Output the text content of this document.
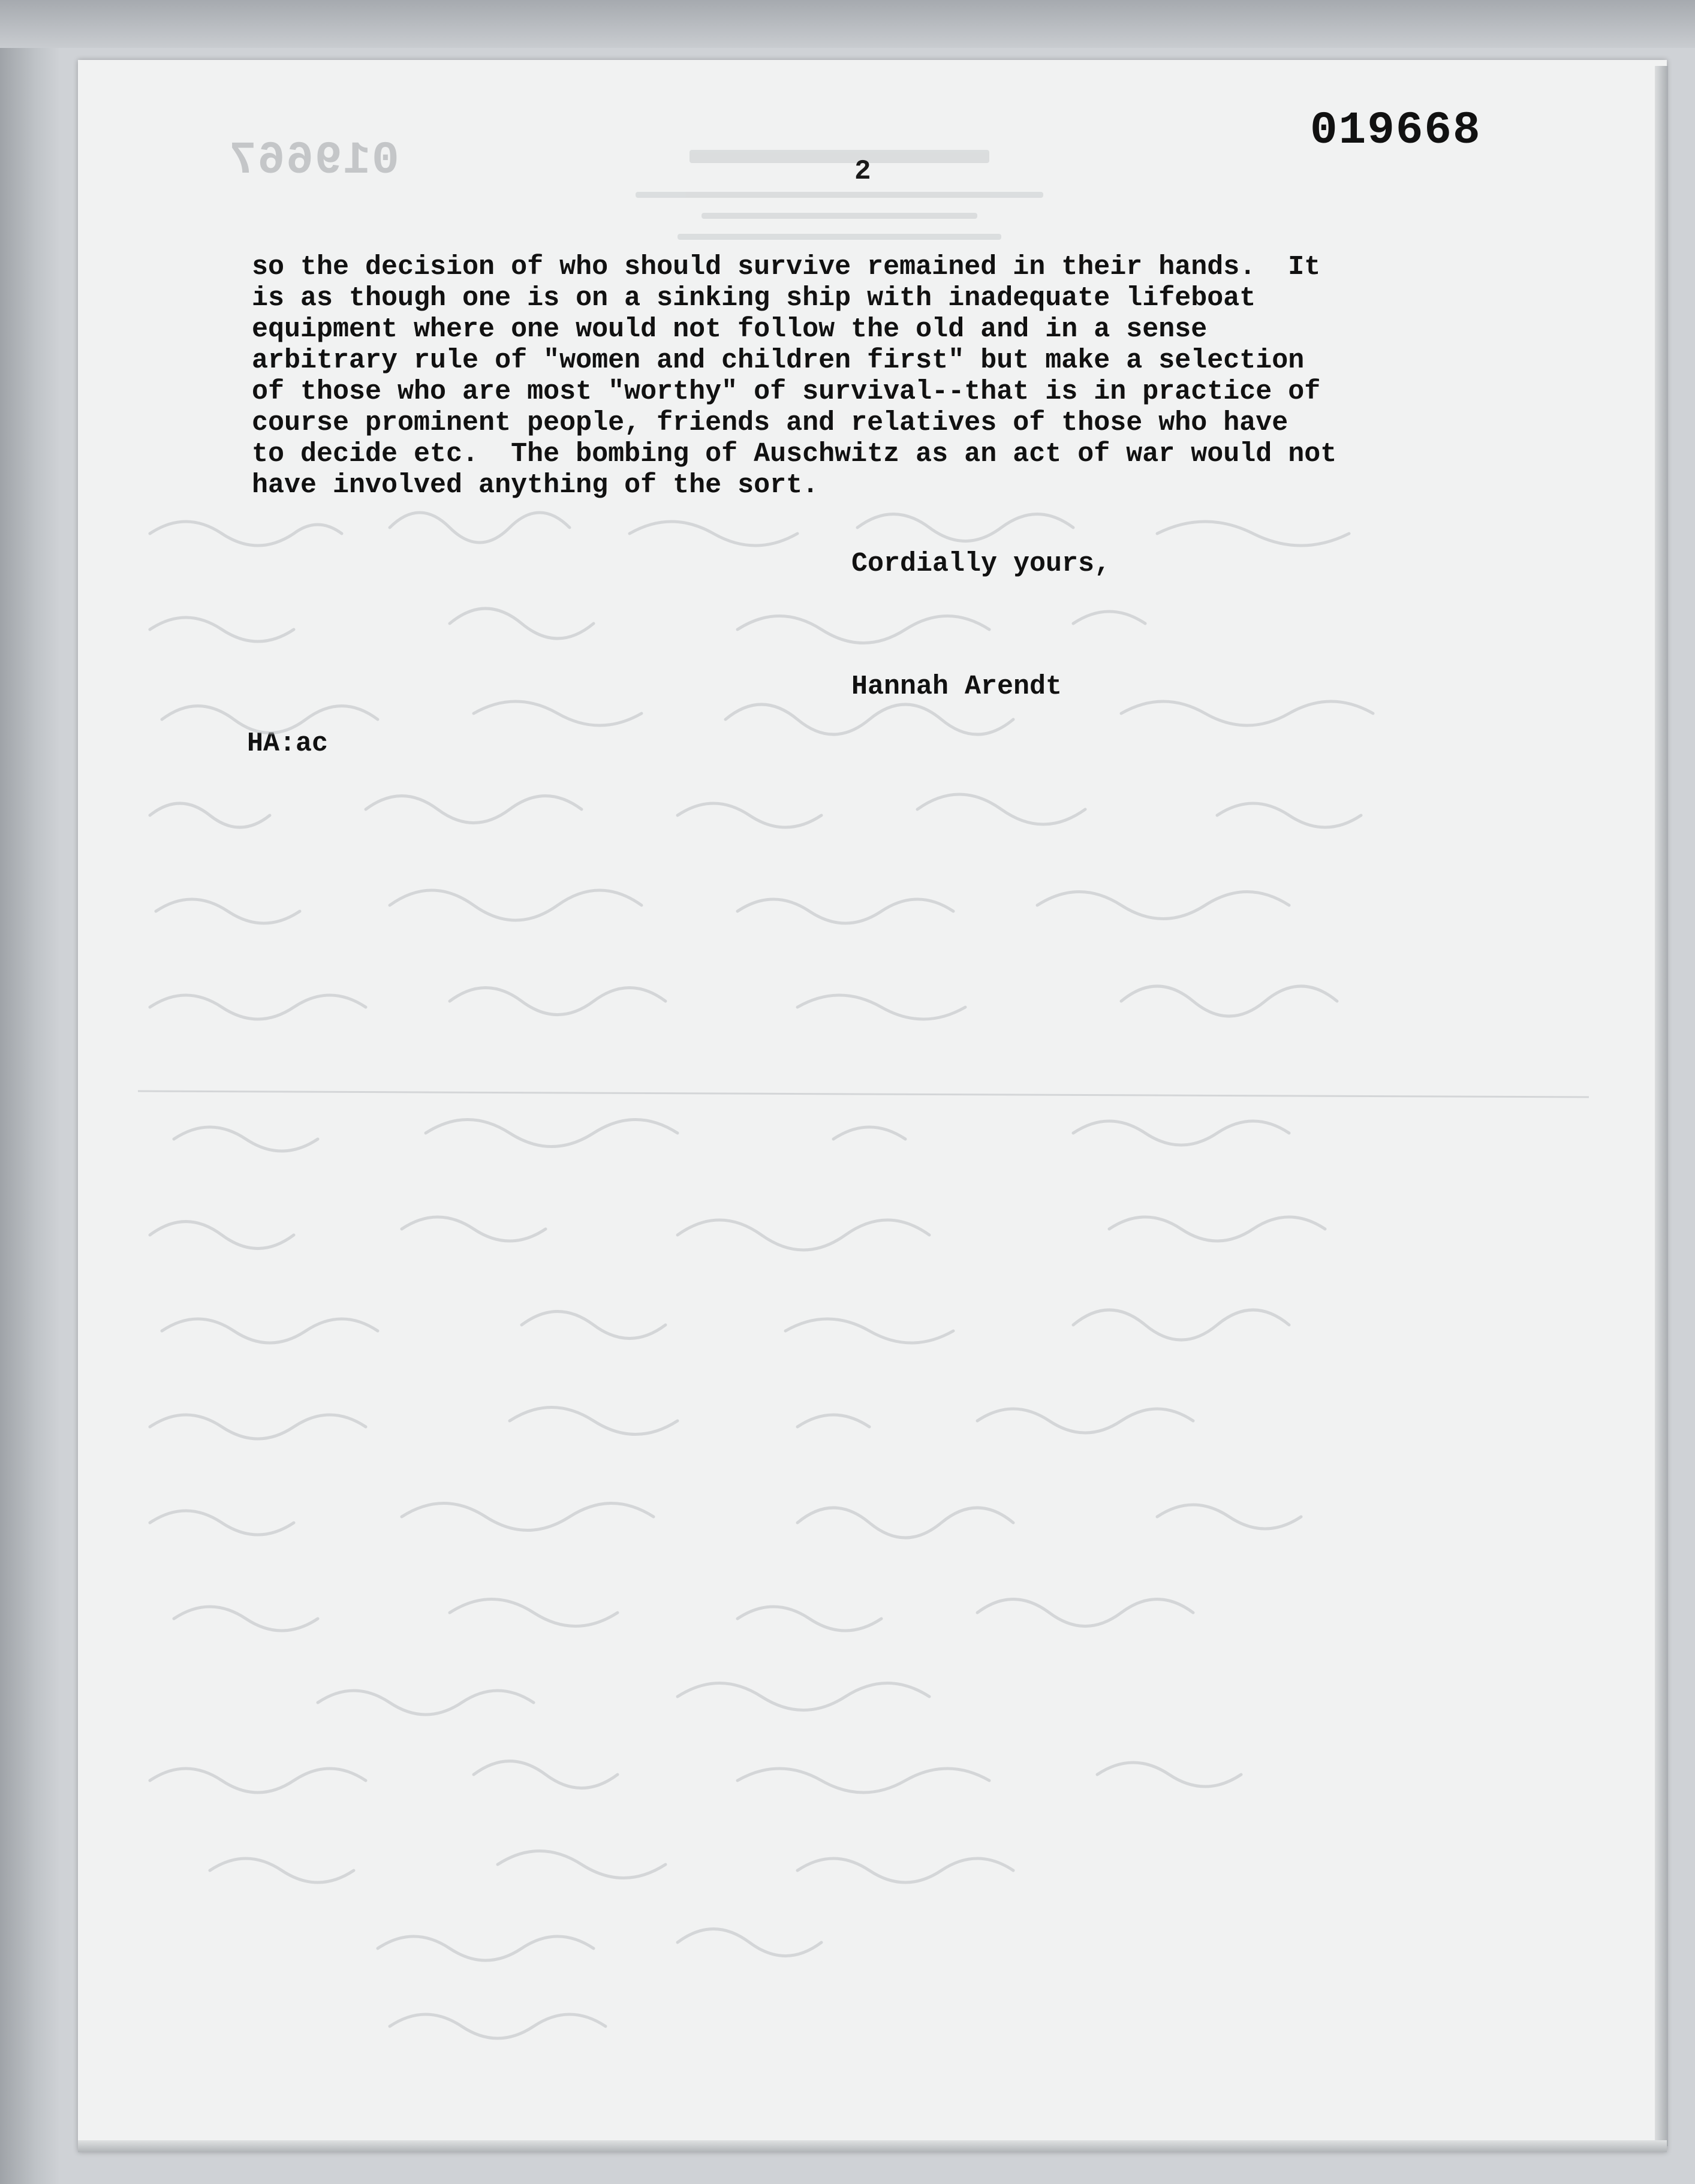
019667
019668
2
so the decision of who should survive remained in their hands.  It
is as though one is on a sinking ship with inadequate lifeboat
equipment where one would not follow the old and in a sense
arbitrary rule of "women and children first" but make a selection
of those who are most "worthy" of survival--that is in practice of
course prominent people, friends and relatives of those who have
to decide etc.  The bombing of Auschwitz as an act of war would not
have involved anything of the sort.
Cordially yours,
Hannah Arendt
HA:ac
